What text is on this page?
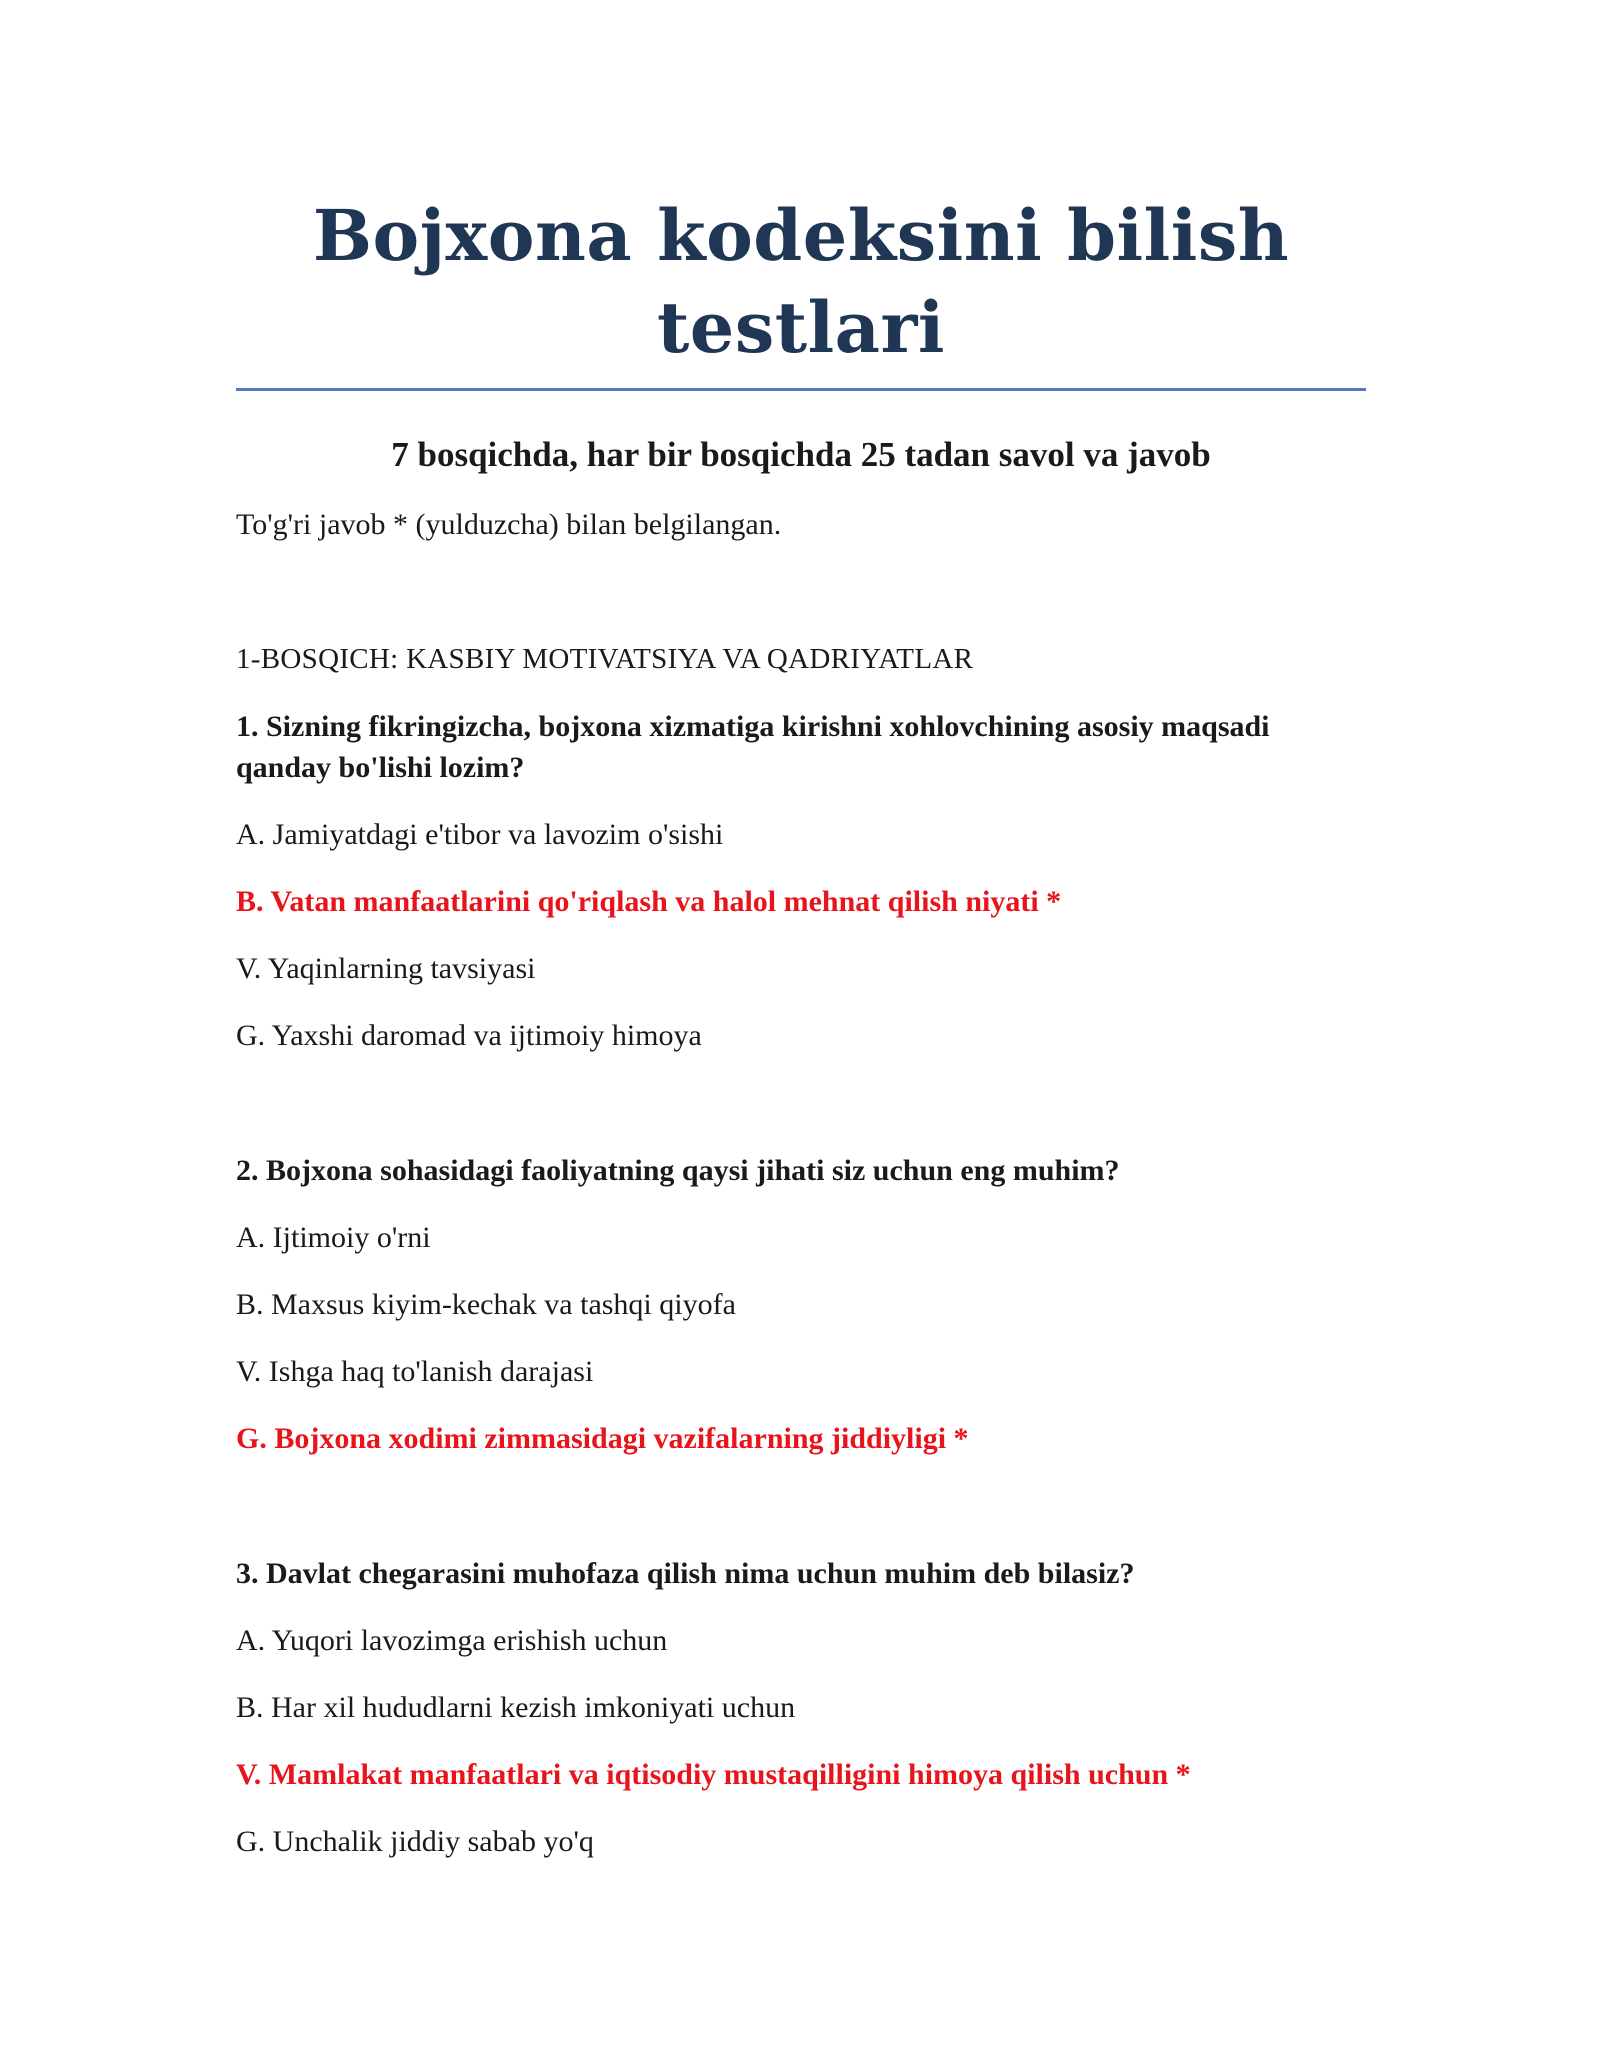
Bojxona kodeksini bilish
testlari

7 bosqichda, har bir bosqichda 25 tadan savol va javob

To'g'ri javob * (yulduzcha) bilan belgilangan.

1-BOSQICH: KASBIY MOTIVATSIYA VA QADRIYATLAR

1. Sizning fikringizcha, bojxona xizmatiga kirishni xohlovchining asosiy maqsadi qanday bo'lishi lozim?

A. Jamiyatdagi e'tibor va lavozim o'sishi
B. Vatan manfaatlarini qo'riqlash va halol mehnat qilish niyati *
V. Yaqinlarning tavsiyasi
G. Yaxshi daromad va ijtimoiy himoya

2. Bojxona sohasidagi faoliyatning qaysi jihati siz uchun eng muhim?

A. Ijtimoiy o'rni
B. Maxsus kiyim-kechak va tashqi qiyofa
V. Ishga haq to'lanish darajasi
G. Bojxona xodimi zimmasidagi vazifalarning jiddiyligi *

3. Davlat chegarasini muhofaza qilish nima uchun muhim deb bilasiz?

A. Yuqori lavozimga erishish uchun
B. Har xil hududlarni kezish imkoniyati uchun
V. Mamlakat manfaatlari va iqtisodiy mustaqilligini himoya qilish uchun *
G. Unchalik jiddiy sabab yo'q
